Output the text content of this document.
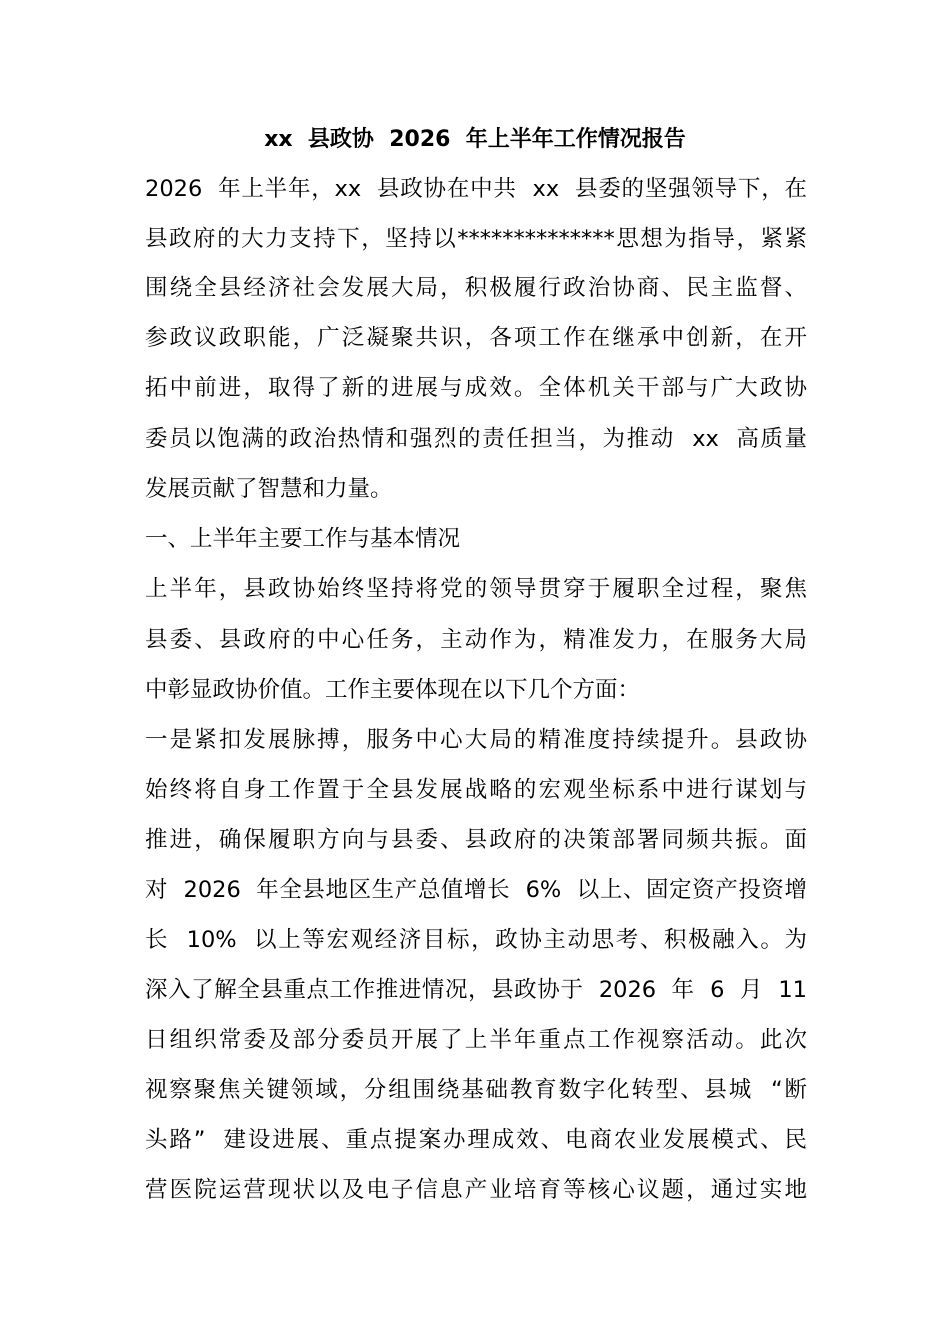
xx  县政协  2026  年上半年工作情况报告
2026  年上半年，xx  县政协在中共  xx  县委的坚强领导下，在
县政府的大力支持下，坚持以**************思想为指导，紧紧
围绕全县经济社会发展大局，积极履行政治协商、民主监督、
参政议政职能，广泛凝聚共识，各项工作在继承中创新，在开
拓中前进，取得了新的进展与成效。全体机关干部与广大政协
委员以饱满的政治热情和强烈的责任担当，为推动  xx  高质量
发展贡献了智慧和力量。
一、上半年主要工作与基本情况
上半年，县政协始终坚持将党的领导贯穿于履职全过程，聚焦
县委、县政府的中心任务，主动作为，精准发力，在服务大局
中彰显政协价值。工作主要体现在以下几个方面：
一是紧扣发展脉搏，服务中心大局的精准度持续提升。县政协
始终将自身工作置于全县发展战略的宏观坐标系中进行谋划与
推进，确保履职方向与县委、县政府的决策部署同频共振。面
对  2026  年全县地区生产总值增长  6%  以上、固定资产投资增
长  10%  以上等宏观经济目标，政协主动思考、积极融入。为
深入了解全县重点工作推进情况，县政协于  2026  年  6  月  11
日组织常委及部分委员开展了上半年重点工作视察活动。此次
视察聚焦关键领域，分组围绕基础教育数字化转型、县城  “断
头路”  建设进展、重点提案办理成效、电商农业发展模式、民
营医院运营现状以及电子信息产业培育等核心议题，通过实地
